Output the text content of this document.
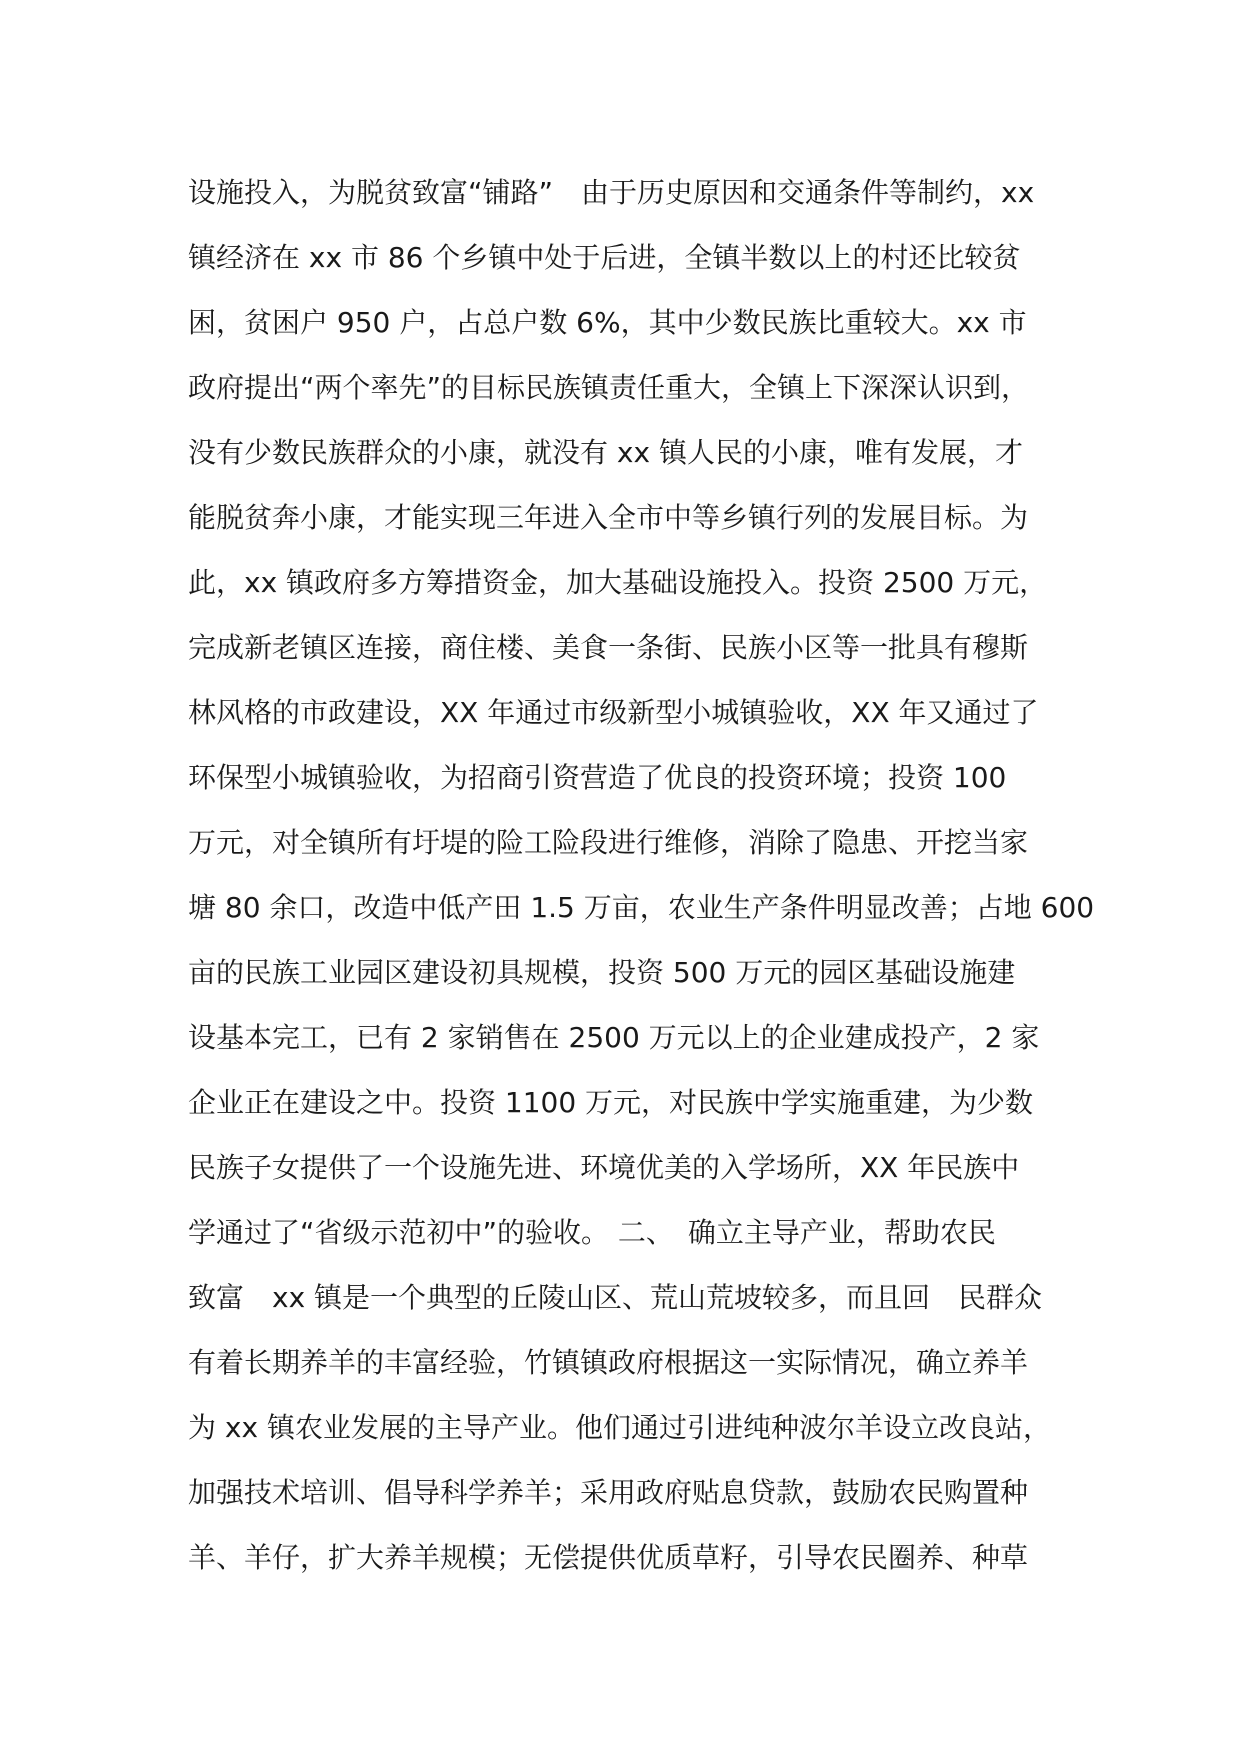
设施投入，为脱贫致富“铺路”　由于历史原因和交通条件等制约，xx
镇经济在 xx 市 86 个乡镇中处于后进，全镇半数以上的村还比较贫
困，贫困户 950 户，占总户数 6%，其中少数民族比重较大。xx 市
政府提出“两个率先”的目标民族镇责任重大，全镇上下深深认识到，
没有少数民族群众的小康，就没有 xx 镇人民的小康，唯有发展，才
能脱贫奔小康，才能实现三年进入全市中等乡镇行列的发展目标。为
此，xx 镇政府多方筹措资金，加大基础设施投入。投资 2500 万元，
完成新老镇区连接，商住楼、美食一条街、民族小区等一批具有穆斯
林风格的市政建设，XX 年通过市级新型小城镇验收，XX 年又通过了
环保型小城镇验收，为招商引资营造了优良的投资环境；投资 100
万元，对全镇所有圩堤的险工险段进行维修，消除了隐患、开挖当家
塘 80 余口，改造中低产田 1.5 万亩，农业生产条件明显改善；占地 600
亩的民族工业园区建设初具规模，投资 500 万元的园区基础设施建
设基本完工，已有 2 家销售在 2500 万元以上的企业建成投产，2 家
企业正在建设之中。投资 1100 万元，对民族中学实施重建，为少数
民族子女提供了一个设施先进、环境优美的入学场所，XX 年民族中
学通过了“省级示范初中”的验收。 二、　确立主导产业，帮助农民
致富　xx 镇是一个典型的丘陵山区、荒山荒坡较多，而且回　民群众
有着长期养羊的丰富经验，竹镇镇政府根据这一实际情况，确立养羊
为 xx 镇农业发展的主导产业。他们通过引进纯种波尔羊设立改良站，
加强技术培训、倡导科学养羊；采用政府贴息贷款，鼓励农民购置种
羊、羊仔，扩大养羊规模；无偿提供优质草籽，引导农民圈养、种草
